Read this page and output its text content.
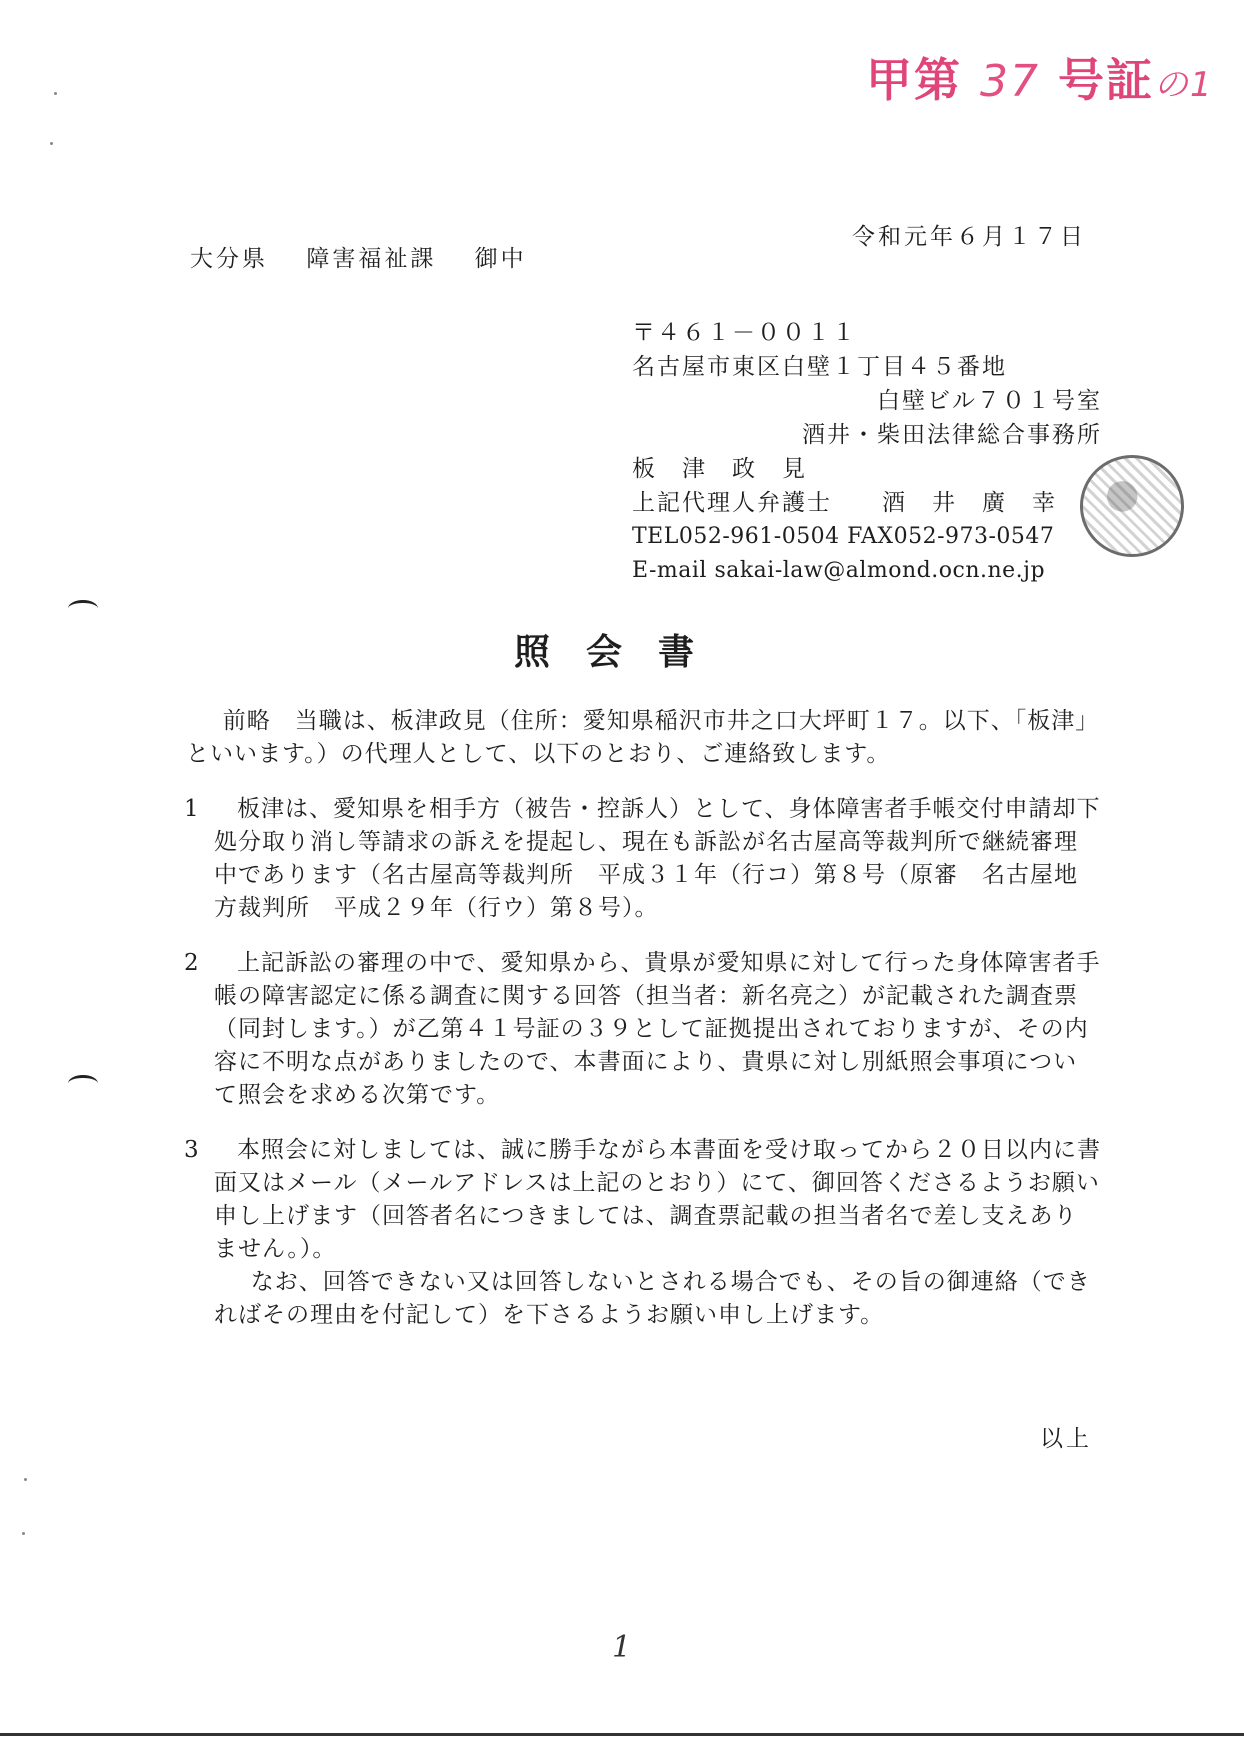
甲第 37 号証の1
令和元年６月１７日
大分県 障害福祉課 御中
〒４６１－００１１
名古屋市東区白壁１丁目４５番地
白壁ビル７０１号室
酒井・柴田法律総合事務所
板　津　政　見
上記代理人弁護士　　酒　井　廣　幸
TEL052-961-0504 FAX052-973-0547
E-mail sakai-law@almond.ocn.ne.jp
照会書

前略　当職は、板津政見（住所：愛知県稲沢市井之口大坪町１７。以下、「板津」といいます。）の代理人として、以下のとおり、ご連絡致します。

1	板津は、愛知県を相手方（被告・控訴人）として、身体障害者手帳交付申請却下処分取り消し等請求の訴えを提起し、現在も訴訟が名古屋高等裁判所で継続審理中であります（名古屋高等裁判所　平成３１年（行コ）第８号（原審　名古屋地方裁判所　平成２９年（行ウ）第８号）。
2	上記訴訟の審理の中で、愛知県から、貴県が愛知県に対して行った身体障害者手帳の障害認定に係る調査に関する回答（担当者：新名亮之）が記載された調査票（同封します。）が乙第４１号証の３９として証拠提出されておりますが、その内容に不明な点がありましたので、本書面により、貴県に対し別紙照会事項について照会を求める次第です。
3	本照会に対しましては、誠に勝手ながら本書面を受け取ってから２０日以内に書面又はメール（メールアドレスは上記のとおり）にて、御回答くださるようお願い申し上げます（回答者名につきましては、調査票記載の担当者名で差し支えありません。）。
なお、回答できない又は回答しないとされる場合でも、その旨の御連絡（できればその理由を付記して）を下さるようお願い申し上げます。
以上
1
